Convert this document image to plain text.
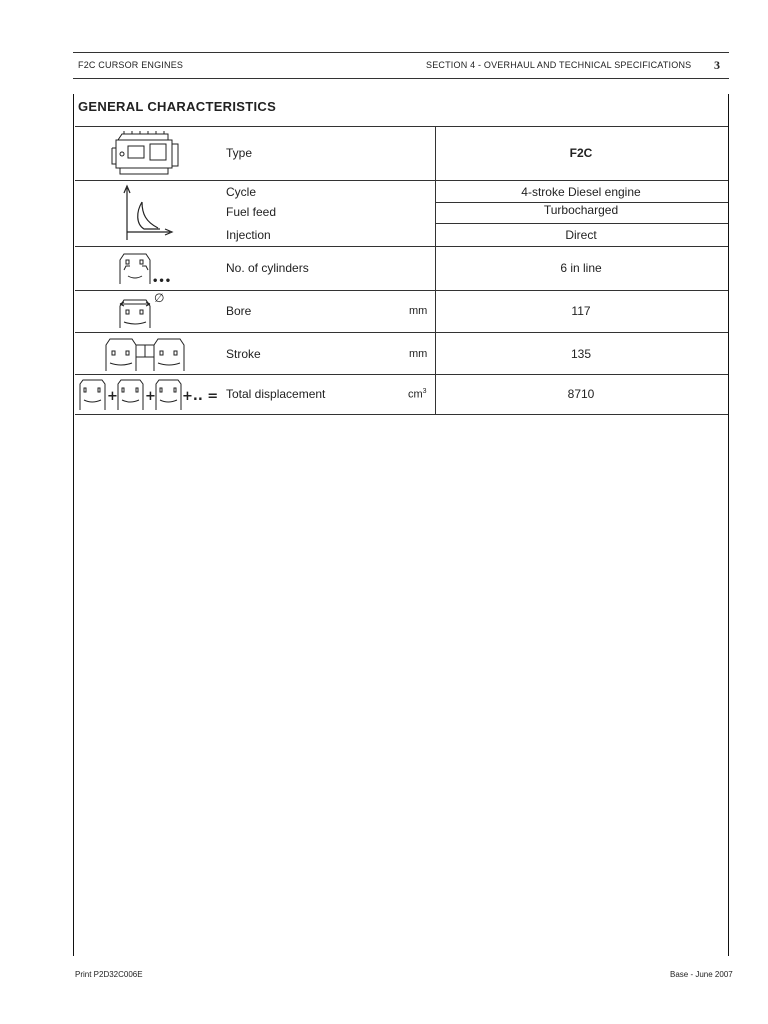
F2C CURSOR ENGINES	SECTION 4 - OVERHAUL AND TECHNICAL SPECIFICATIONS 3
GENERAL CHARACTERISTICS
Type	F2C
Cycle	4-stroke Diesel engine
Fuel feed	Turbocharged
Injection	Direct
No. of cylinders	6 in line
Bore	mm	117
Stroke	mm	135
Total displacement	$cm^3$	8710
•••
∅
+ + +.. =
Print P2D32C006E	Base - June 2007
